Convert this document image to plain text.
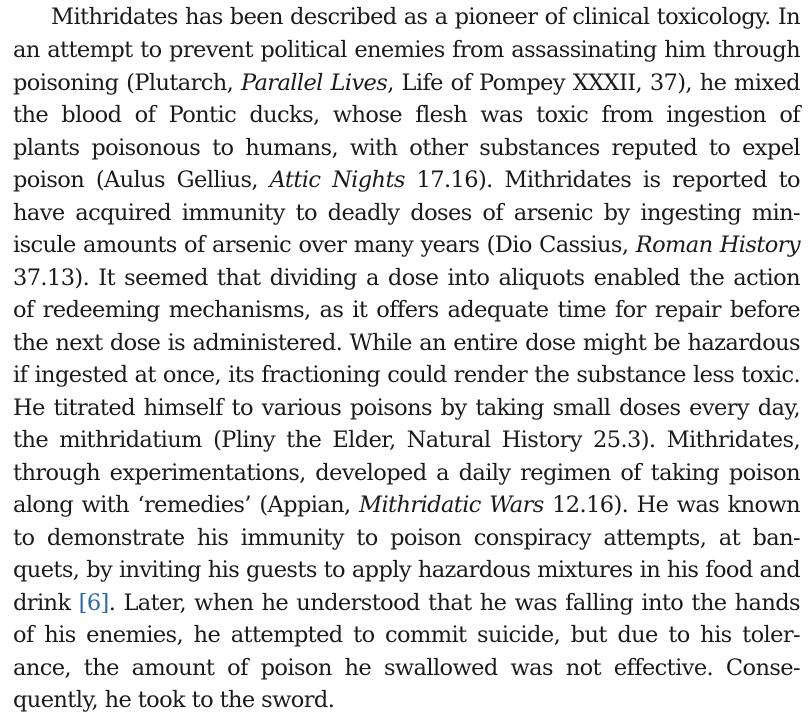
Mithridates has been described as a pioneer of clinical toxicology. In
an attempt to prevent political enemies from assassinating him through
poisoning (Plutarch, Parallel Lives, Life of Pompey XXXII, 37), he mixed
the blood of Pontic ducks, whose flesh was toxic from ingestion of
plants poisonous to humans, with other substances reputed to expel
poison (Aulus Gellius, Attic Nights 17.16). Mithridates is reported to
have acquired immunity to deadly doses of arsenic by ingesting min-
iscule amounts of arsenic over many years (Dio Cassius, Roman History
37.13). It seemed that dividing a dose into aliquots enabled the action
of redeeming mechanisms, as it offers adequate time for repair before
the next dose is administered. While an entire dose might be hazardous
if ingested at once, its fractioning could render the substance less toxic.
He titrated himself to various poisons by taking small doses every day,
the mithridatium (Pliny the Elder, Natural History 25.3). Mithridates,
through experimentations, developed a daily regimen of taking poison
along with ‘remedies’ (Appian, Mithridatic Wars 12.16). He was known
to demonstrate his immunity to poison conspiracy attempts, at ban-
quets, by inviting his guests to apply hazardous mixtures in his food and
drink [6]. Later, when he understood that he was falling into the hands
of his enemies, he attempted to commit suicide, but due to his toler-
ance, the amount of poison he swallowed was not effective. Conse-
quently, he took to the sword.
